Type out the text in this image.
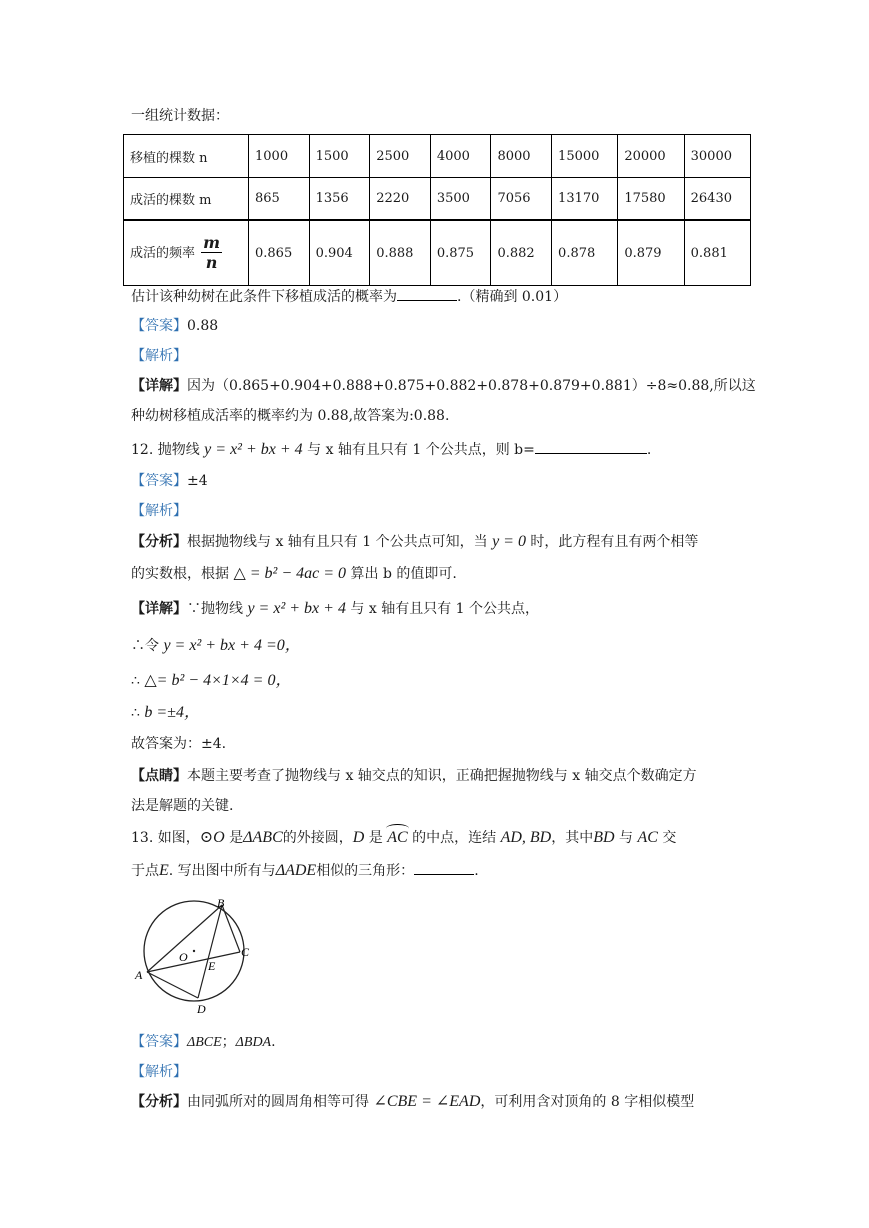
一组统计数据：
移植的棵数 n	1000	1500	2500	4000	8000	15000	20000	30000
成活的棵数 m	865	1356	2220	3500	7056	13170	17580	26430
成活的频率 $\frac{m}{n}$	0.865	0.904	0.888	0.875	0.882	0.878	0.879	0.881
估计该种幼树在此条件下移植成活的概率为	.（精确到 0.01）
【答案】0.88
【解析】
【详解】因为（0.865+0.904+0.888+0.875+0.882+0.878+0.879+0.881）÷8≈0.88,所以这
种幼树移植成活率的概率约为 0.88,故答案为:0.88.
12. 抛物线 y = x² + bx + 4 与 x 轴有且只有 1 个公共点，则 b=	.
【答案】±4
【解析】
【分析】根据抛物线与 x 轴有且只有 1 个公共点可知，当 y = 0 时，此方程有且有两个相等
的实数根，根据 △ = b² − 4ac = 0 算出 b 的值即可.
【详解】∵抛物线 y = x² + bx + 4 与 x 轴有且只有 1 个公共点，
∴令 y = x² + bx + 4 =0，
∴ △= b² − 4×1×4 = 0，
∴ b =±4，
故答案为：±4.
【点睛】本题主要考查了抛物线与 x 轴交点的知识，正确把握抛物线与 x 轴交点个数确定方
法是解题的关键.
13. 如图，⊙O 是ΔABC的外接圆，D 是 AC 的中点，连结 AD, BD，其中BD 与 AC 交
于点E. 写出图中所有与ΔADE相似的三角形：	.
B
C
A
D
E
O
【答案】ΔBCE；ΔBDA.
【解析】
【分析】由同弧所对的圆周角相等可得 ∠CBE = ∠EAD，可利用含对顶角的 8 字相似模型
